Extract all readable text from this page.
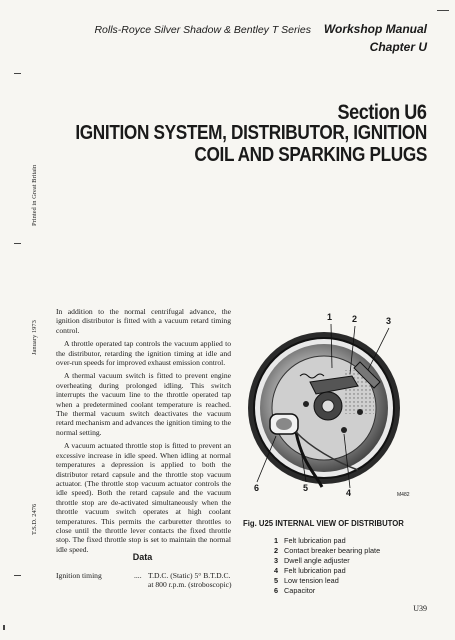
Rolls-Royce Silver Shadow & Bentley T Series Workshop Manual
Chapter U
Section U6
IGNITION SYSTEM, DISTRIBUTOR, IGNITION COIL AND SPARKING PLUGS
Printed in Great Britain
January 1973
T.S.D. 2476

In addition to the normal centrifugal advance, the ignition distributor is fitted with a vacuum retard timing control.

A throttle operated tap controls the vacuum applied to the distributor, retarding the ignition timing at idle and over-run speeds for improved exhaust emission control.

A thermal vacuum switch is fitted to prevent engine overheating during prolonged idling. This switch interrupts the vacuum line to the throttle operated tap when a predetermined coolant temperature is reached. The thermal vacuum switch deactivates the vacuum retard mechanism and advances the ignition timing to the normal setting.

A vacuum actuated throttle stop is fitted to prevent an excessive increase in idle speed. When idling at normal temperatures a depression is applied to both the distributor retard capsule and the throttle stop vacuum actuator. (The throttle stop vacuum actuator controls the idle speed). Both the retard capsule and the vacuum throttle stop are de-activated simultaneously when the throttle vacuum switch operates at high coolant temperatures. This permits the carburetter throttles to close until the throttle lever contacts the fixed throttle stop. The fixed throttle stop is set to maintain the normal idle speed.

Data
Ignition timing	.... T.D.C. (Static) 5° B.T.D.C.
at 800 r.p.m. (stroboscopic)
1 2	3
6	5	4	M482
Fig. U25 INTERNAL VIEW OF DISTRIBUTOR
1 Felt lubrication pad
2 Contact breaker bearing plate
3 Dwell angle adjuster
4 Felt lubrication pad
5 Low tension lead
6 Capacitor
U39
